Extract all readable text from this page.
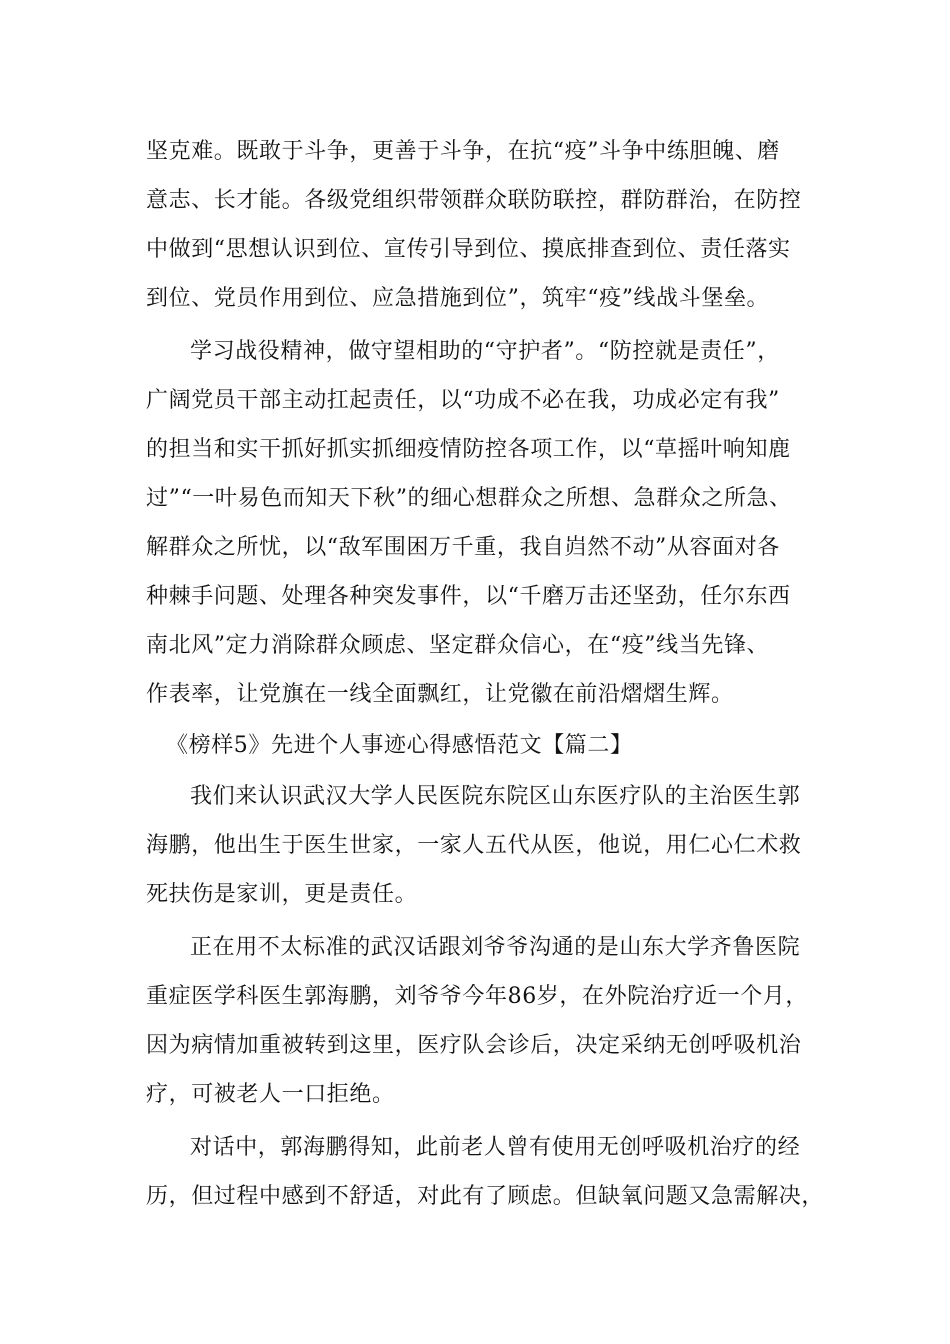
坚克难。既敢于斗争，更善于斗争，在抗“疫”斗争中练胆魄、磨
意志、长才能。各级党组织带领群众联防联控，群防群治，在防控
中做到“思想认识到位、宣传引导到位、摸底排查到位、责任落实
到位、党员作用到位、应急措施到位”，筑牢“疫”线战斗堡垒。
学习战役精神，做守望相助的“守护者”。“防控就是责任”，
广阔党员干部主动扛起责任，以“功成不必在我，功成必定有我”
的担当和实干抓好抓实抓细疫情防控各项工作，以“草摇叶响知鹿
过”“一叶易色而知天下秋”的细心想群众之所想、急群众之所急、
解群众之所忧，以“敌军围困万千重，我自岿然不动”从容面对各
种棘手问题、处理各种突发事件，以“千磨万击还坚劲，任尔东西
南北风”定力消除群众顾虑、坚定群众信心，在“疫”线当先锋、
作表率，让党旗在一线全面飘红，让党徽在前沿熠熠生辉。
《榜样5》先进个人事迹心得感悟范文【篇二】
我们来认识武汉大学人民医院东院区山东医疗队的主治医生郭
海鹏，他出生于医生世家，一家人五代从医，他说，用仁心仁术救
死扶伤是家训，更是责任。
正在用不太标准的武汉话跟刘爷爷沟通的是山东大学齐鲁医院
重症医学科医生郭海鹏，刘爷爷今年86岁，在外院治疗近一个月，
因为病情加重被转到这里，医疗队会诊后，决定采纳无创呼吸机治
疗，可被老人一口拒绝。
对话中，郭海鹏得知，此前老人曾有使用无创呼吸机治疗的经
历，但过程中感到不舒适，对此有了顾虑。但缺氧问题又急需解决，
